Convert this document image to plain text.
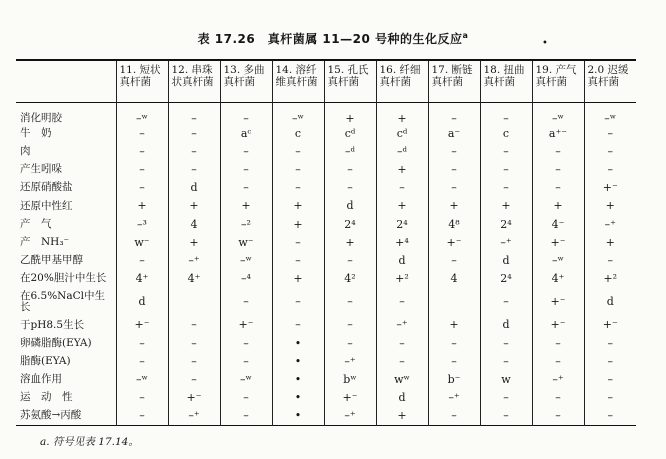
表 17.26　真杆菌属 11—20 号种的生化反应$^a$
•
	11. 短状真杆菌	12. 串珠状真杆菌	13. 多曲真杆菌	14. 溶纤维真杆菌	15. 孔氏真杆菌	16. 纤细真杆菌	17. 断链真杆菌	18. 扭曲真杆菌	19. 产气真杆菌	2.0 迟缓真杆菌
消化明胶	–ʷ	–	–	–ʷ	+	+	–	–	–ʷ	–ʷ
牛　奶	–	–	aᶜ	c	cᵈ	cᵈ	a⁻	c	a⁺⁻	–
肉	–	–	–	–	–ᵈ	–ᵈ	–	–	–	–
产生吲哚	–	–	–	–	–	+	–	–	–	–
还原硝酸盐	–	d	–	–	–	–	–	–	–	+⁻
还原中性红	+	+	+	+	d	+	+	+	+	+
产　气	–³	4	–²	+	2⁴	2⁴	4⁸	2⁴	4⁻	–⁺
产　NH₃⁻	w⁻	+	w⁻	–	+	+⁴	+⁻	–⁺	+⁻	+
乙酰甲基甲醇	–	–⁺	–ʷ	–	–	d	–	d	–ʷ	–
在20%胆汁中生长	4⁺	4⁺	–⁴	+	4²	+²	4	2⁴	4⁺	+²
在6.5%NaCl中生长	d		–	–	–	–		–	+⁻	d
于pH8.5生长	+⁻	–	+⁻	–	–	–⁺	+	d	+⁻	+⁻
卵磷脂酶(EYA)	–	–	–	•	–	–	–	–	–	–
脂酶(EYA)	–	–	–	•	–⁺	–	–	–	–	–
溶血作用	–ʷ	–	–ʷ	•	bʷ	wʷ	b⁻	w	–⁺	–
运　动　性	–	+⁻	–	•	+⁻	d	–⁺	–	–	–
苏氨酸→丙酸	–	–⁺	–	•	–⁺	+	–	–	–	–
a. 符号见表 17.14。
